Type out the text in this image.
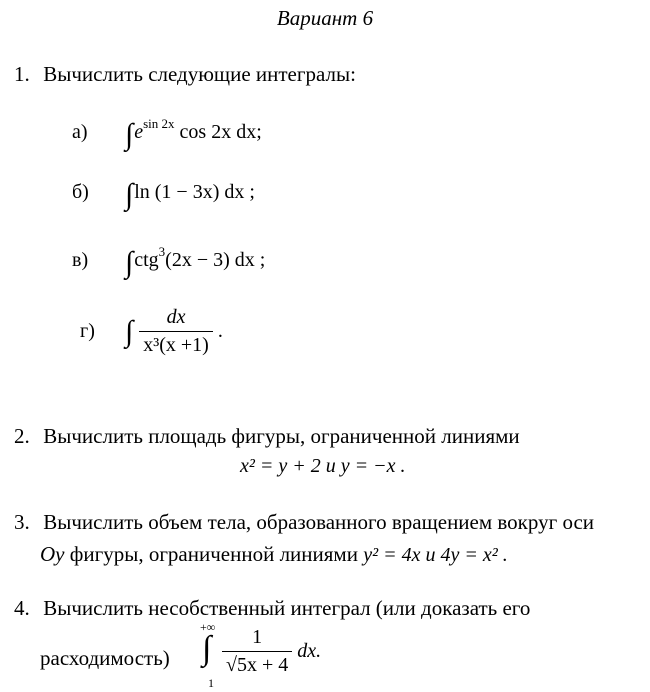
Вариант 6
1. Вычислить следующие интегралы:
а) $\int e^{sin 2x}$ cos 2x dx;
б) ∫ln (1 − 3x) dx ;
в) ∫ctg$^3$(2x − 3) dx ;
г) ∫ $\frac{dx}{\text{x³(x +1)}}$ .
2. Вычислить площадь фигуры, ограниченной линиями
x² = y + 2 и y = −x .
3. Вычислить объем тела, образованного вращением вокруг оси
Oy фигуры, ограниченной линиями y² = 4x и 4y = x² .
4. Вычислить несобственный интеграл (или доказать его
расходимость)
+∞
∫
1
$\frac{1}{√5x + 4}$ dx.
